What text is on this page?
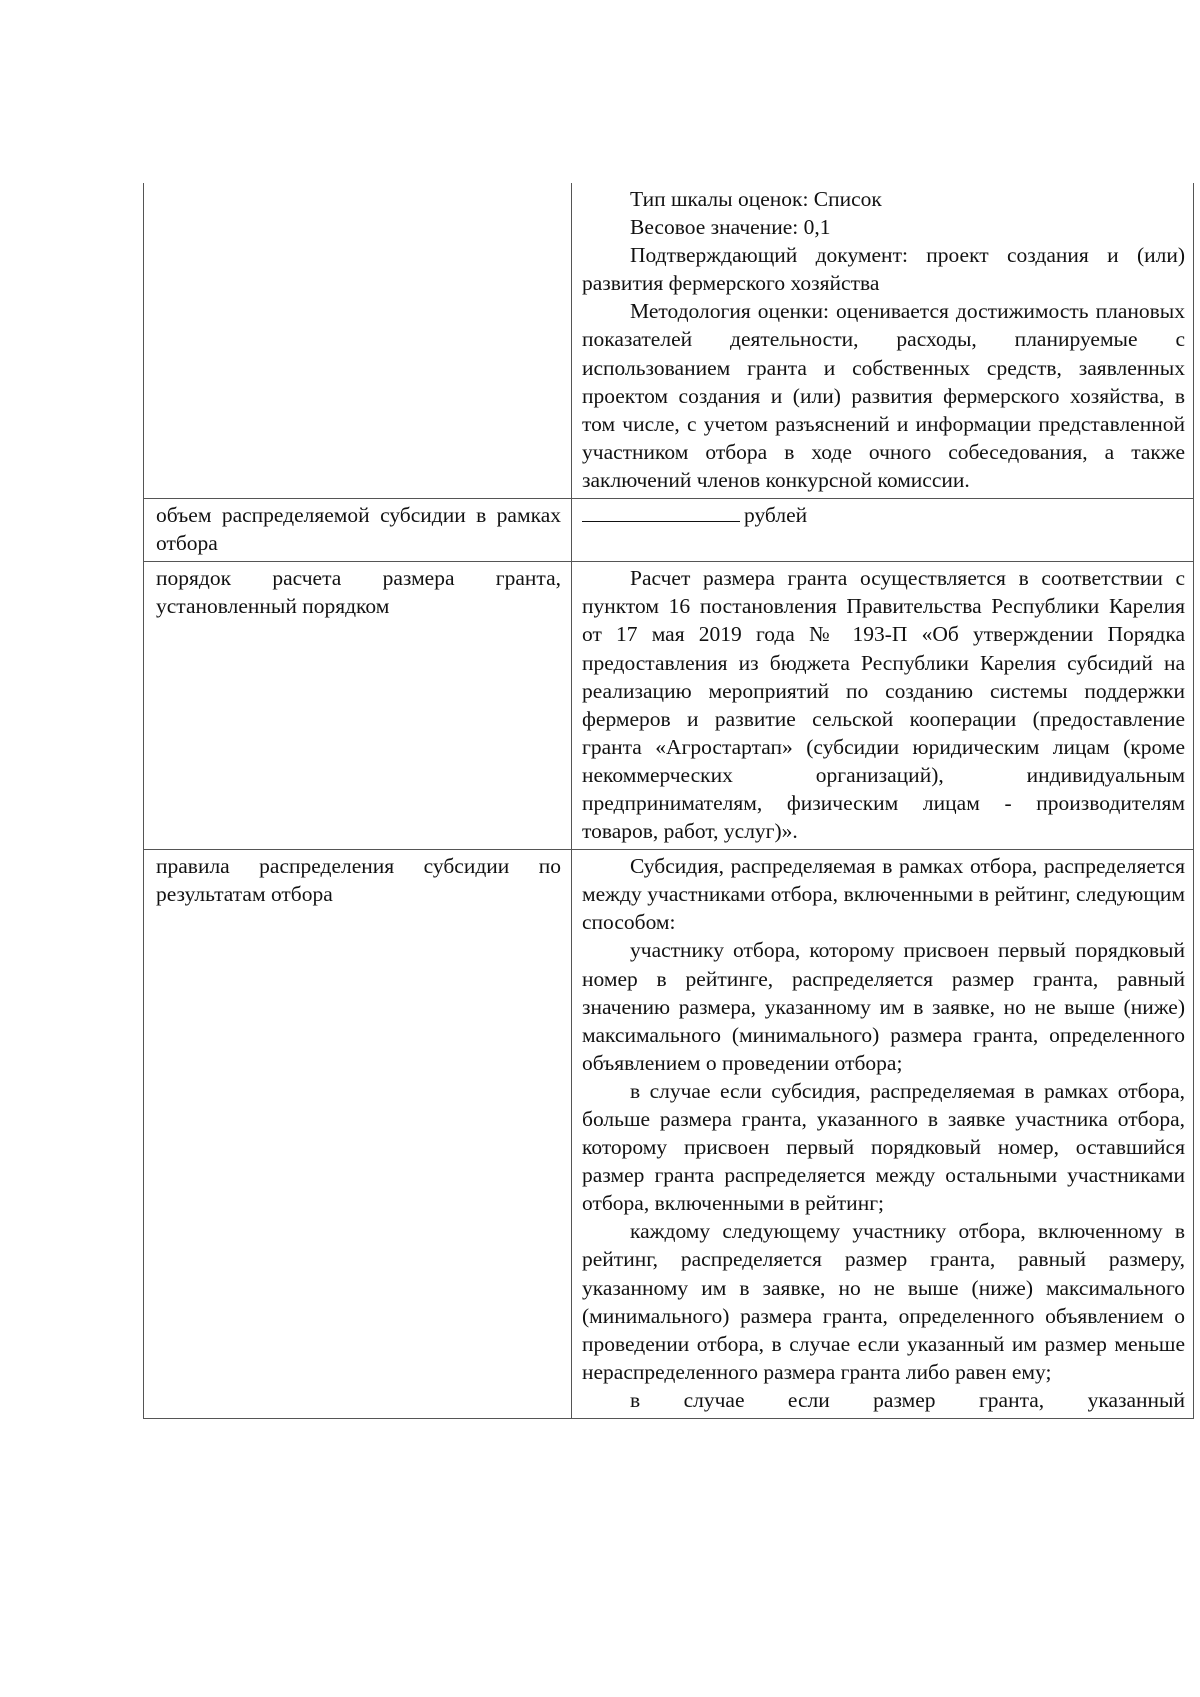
	Тип шкалы оценок: Список

Весовое значение: 0,1

Подтверждающий документ: проект создания и (или) развития фермерского хозяйства

Методология оценки: оценивается достижимость плановых показателей деятельности, расходы, планируемые с использованием гранта и собственных средств, заявленных проектом создания и (или) развития фермерского хозяйства, в том числе, с учетом разъяснений и информации представленной участником отбора в ходе очного собеседования, а также заключений членов конкурсной комиссии.

объем распределяемой субсидии в рамках отбора	рублей

порядок расчета размера гранта, установленный порядком	Расчет размера гранта осуществляется в соответствии с пунктом 16 постановления Правительства Республики Карелия от 17 мая 2019 года № 193-П «Об утверждении Порядка предоставления из бюджета Республики Карелия субсидий на реализацию мероприятий по созданию системы поддержки фермеров и развитие сельской кооперации (предоставление гранта «Агростартап» (субсидии юридическим лицам (кроме некоммерческих организаций), индивидуальным предпринимателям, физическим лицам - производителям товаров, работ, услуг)».

правила распределения субсидии по результатам отбора	Субсидия, распределяемая в рамках отбора, распределяется между участниками отбора, включенными в рейтинг, следующим способом:

участнику отбора, которому присвоен первый порядковый номер в рейтинге, распределяется размер гранта, равный значению размера, указанному им в заявке, но не выше (ниже) максимального (минимального) размера гранта, определенного объявлением о проведении отбора;

в случае если субсидия, распределяемая в рамках отбора, больше размера гранта, указанного в заявке участника отбора, которому присвоен первый порядковый номер, оставшийся размер гранта распределяется между остальными участниками отбора, включенными в рейтинг;

каждому следующему участнику отбора, включенному в рейтинг, распределяется размер гранта, равный размеру, указанному им в заявке, но не выше (ниже) максимального (минимального) размера гранта, определенного объявлением о проведении отбора, в случае если указанный им размер меньше нераспределенного размера гранта либо равен ему;

в случае если размер гранта, указанный
